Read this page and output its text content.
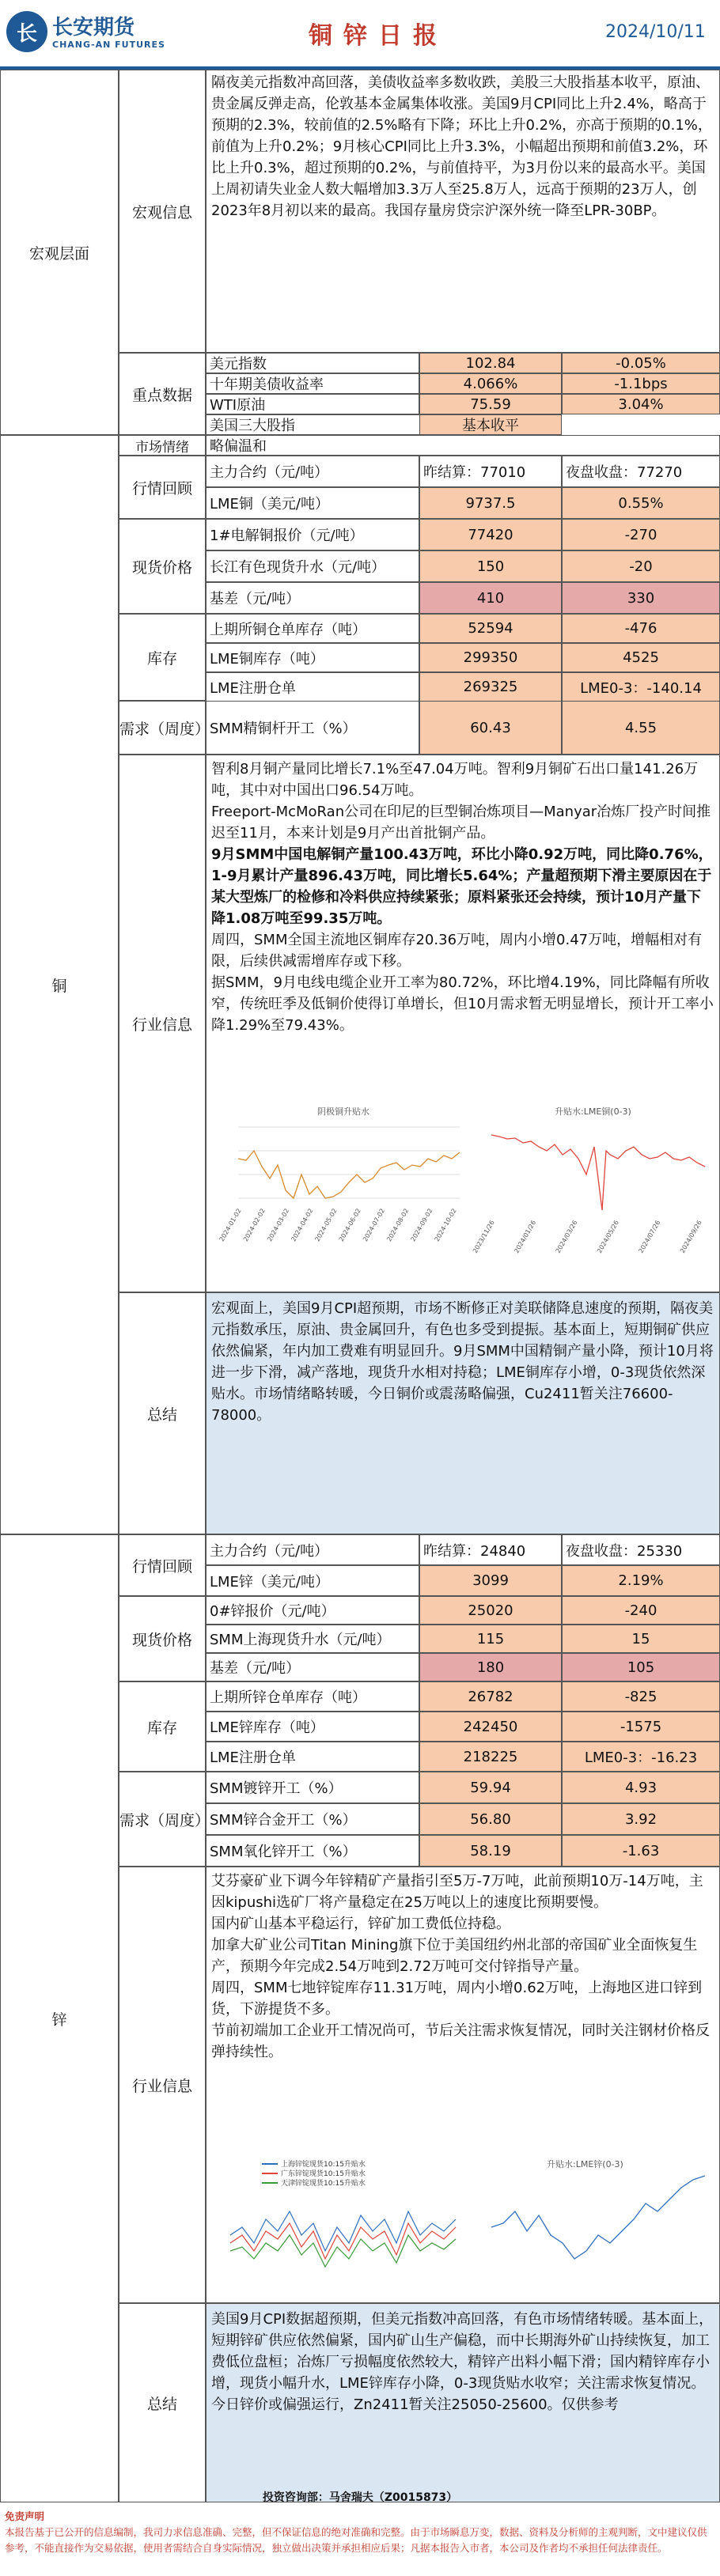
长 长安期货
CHANG-AN FUTURES	铜锌日报	2024/10/11
宏观层面
宏观信息

隔夜美元指数冲高回落，美债收益率多数收跌，美股三大股指基本收平，原油、贵金属反弹走高，伦敦基本金属集体收涨。美国9月CPI同比上升2.4%，略高于预期的2.3%，较前值的2.5%略有下降；环比上升0.2%，亦高于预期的0.1%，前值为上升0.2%；9月核心CPI同比上升3.3%，小幅超出预期和前值3.2%，环比上升0.3%，超过预期的0.2%，与前值持平，为3月份以来的最高水平。美国上周初请失业金人数大幅增加3.3万人至25.8万人，远高于预期的23万人，创2023年8月初以来的最高。我国存量房贷宗沪深外统一降至LPR-30BP。

重点数据
美元指数	102.84	-0.05%
十年期美债收益率	4.066%	-1.1bps
WTI原油	75.59	3.04%
美国三大股指	基本收平
市场情绪	略偏温和
铜
行情回顾
主力合约（元/吨）	昨结算：77010	夜盘收盘：77270
LME铜（美元/吨）	9737.5	0.55%
现货价格
1#电解铜报价（元/吨）	77420	-270
长江有色现货升水（元/吨）	150	-20
基差（元/吨）	410	330
库存
上期所铜仓单库存（吨）	52594	-476
LME铜库存（吨）	299350	4525
LME注册仓单	269325	LME0-3：-140.14
需求（周度） SMM精铜杆开工（%）	60.43	4.55
行业信息

智利8月铜产量同比增长7.1%至47.04万吨。智利9月铜矿石出口量141.26万吨，其中对中国出口96.54万吨。

Freeport-McMoRan公司在印尼的巨型铜冶炼项目—Manyar冶炼厂投产时间推迟至11月，本来计划是9月产出首批铜产品。

9月SMM中国电解铜产量100.43万吨，环比小降0.92万吨，同比降0.76%，1-9月累计产量896.43万吨，同比增长5.64%；产量超预期下滑主要原因在于某大型炼厂的检修和冷料供应持续紧张；原料紧张还会持续，预计10月产量下降1.08万吨至99.35万吨。

周四，SMM全国主流地区铜库存20.36万吨，周内小增0.47万吨，增幅相对有限，后续供减需增库存或下移。

据SMM，9月电线电缆企业开工率为80.72%，环比增4.19%，同比降幅有所收窄，传统旺季及低铜价使得订单增长，但10月需求暂无明显增长，预计开工率小降1.29%至79.43%。

阴极铜升贴水
2024-01-02 2024-02-02 2024-03-02 2024-04-02 2024-05-02 2024-06-02 2024-07-02 2024-08-02 2024-09-02 2024-10-02
升贴水:LME铜(0-3)
2023/11/26	2024/01/26	2024/03/26	2024/05/26	2024/07/26	2024/09/26
总结

宏观面上，美国9月CPI超预期，市场不断修正对美联储降息速度的预期，隔夜美元指数承压，原油、贵金属回升，有色也多受到提振。基本面上，短期铜矿供应依然偏紧，年内加工费难有明显回升。9月SMM中国精铜产量小降，预计10月将进一步下滑，减产落地，现货升水相对持稳；LME铜库存小增，0-3现货依然深贴水。市场情绪略转暖，今日铜价或震荡略偏强，Cu2411暂关注76600-78000。

锌
行情回顾
主力合约（元/吨）	昨结算：24840	夜盘收盘：25330
LME锌（美元/吨）	3099	2.19%
现货价格
0#锌报价（元/吨）	25020	-240
SMM上海现货升水（元/吨）	115	15
基差（元/吨）	180	105
库存
上期所锌仓单库存（吨）	26782	-825
LME锌库存（吨）	242450	-1575
LME注册仓单	218225	LME0-3：-16.23
需求（周度）
SMM镀锌开工（%）	59.94	4.93
SMM锌合金开工（%）	56.80	3.92
SMM氧化锌开工（%）	58.19	-1.63
行业信息

艾芬豪矿业下调今年锌精矿产量指引至5万-7万吨，此前预期10万-14万吨，主因kipushi选矿厂将产量稳定在25万吨以上的速度比预期要慢。

国内矿山基本平稳运行，锌矿加工费低位持稳。

加拿大矿业公司Titan Mining旗下位于美国纽约州北部的帝国矿业全面恢复生产，预期今年完成2.54万吨到2.72万吨可交付锌指导产量。

周四，SMM七地锌锭库存11.31万吨，周内小增0.62万吨，上海地区进口锌到货，下游提货不多。

节前初端加工企业开工情况尚可，节后关注需求恢复情况，同时关注钢材价格反弹持续性。

上海锌锭现货10:15升贴水
广东锌锭现货10:15升贴水
天津锌锭现货10:15升贴水
升贴水:LME锌(0-3)
总结

美国9月CPI数据超预期，但美元指数冲高回落，有色市场情绪转暖。基本面上，短期锌矿供应依然偏紧，国内矿山生产偏稳，而中长期海外矿山持续恢复，加工费低位盘桓；冶炼厂亏损幅度依然较大，精锌产出料小幅下滑；国内精锌库存小增，现货小幅升水，LME锌库存小降，0-3现货贴水收窄；关注需求恢复情况。今日锌价或偏强运行，Zn2411暂关注25050-25600。仅供参考

投资咨询部：马舍瑞夫（Z0015873）
免责声明
本报告基于已公开的信息编制，我司力求信息准确、完整，但不保证信息的绝对准确和完整。由于市场瞬息万变，数据、资料及分析师的主观判断，文中建议仅供参考，不能直接作为交易依据，使用者需结合自身实际情况，独立做出决策并承担相应后果；凡据本报告入市者，本公司及作者均不承担任何法律责任。
